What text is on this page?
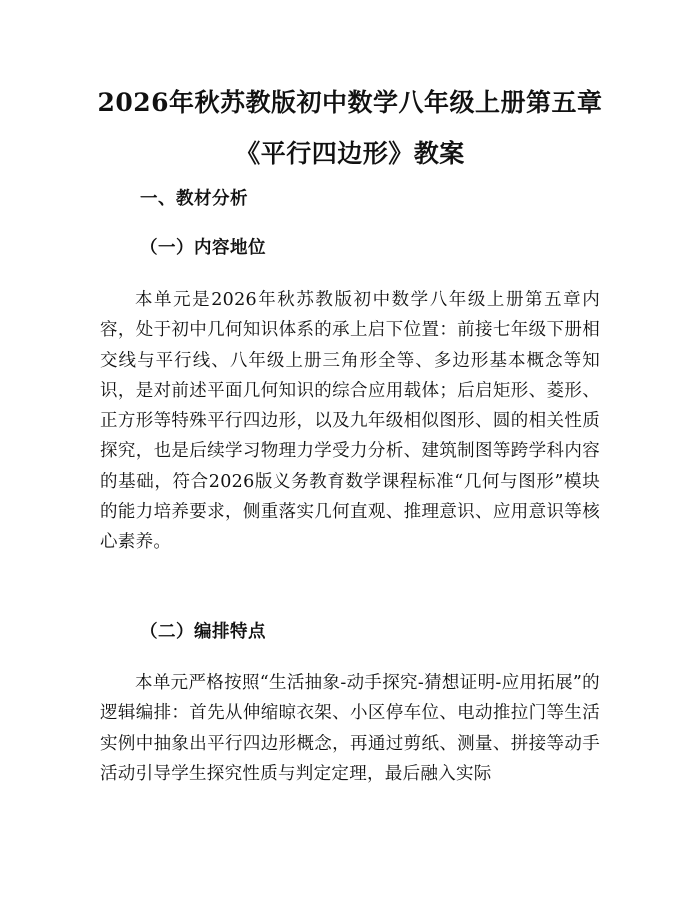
2026年秋苏教版初中数学八年级上册第五章
《平行四边形》教案
一、教材分析
（一）内容地位

本单元是2026年秋苏教版初中数学八年级上册第五章内容，处于初中几何知识体系的承上启下位置：前接七年级下册相交线与平行线、八年级上册三角形全等、多边形基本概念等知识，是对前述平面几何知识的综合应用载体；后启矩形、菱形、正方形等特殊平行四边形，以及九年级相似图形、圆的相关性质探究，也是后续学习物理力学受力分析、建筑制图等跨学科内容的基础，符合2026版义务教育数学课程标准“几何与图形”模块的能力培养要求，侧重落实几何直观、推理意识、应用意识等核心素养。

（二）编排特点

本单元严格按照“生活抽象-动手探究-猜想证明-应用拓展”的逻辑编排：首先从伸缩晾衣架、小区停车位、电动推拉门等生活实例中抽象出平行四边形概念，再通过剪纸、测量、拼接等动手活动引导学生探究性质与判定定理，最后融入实际
